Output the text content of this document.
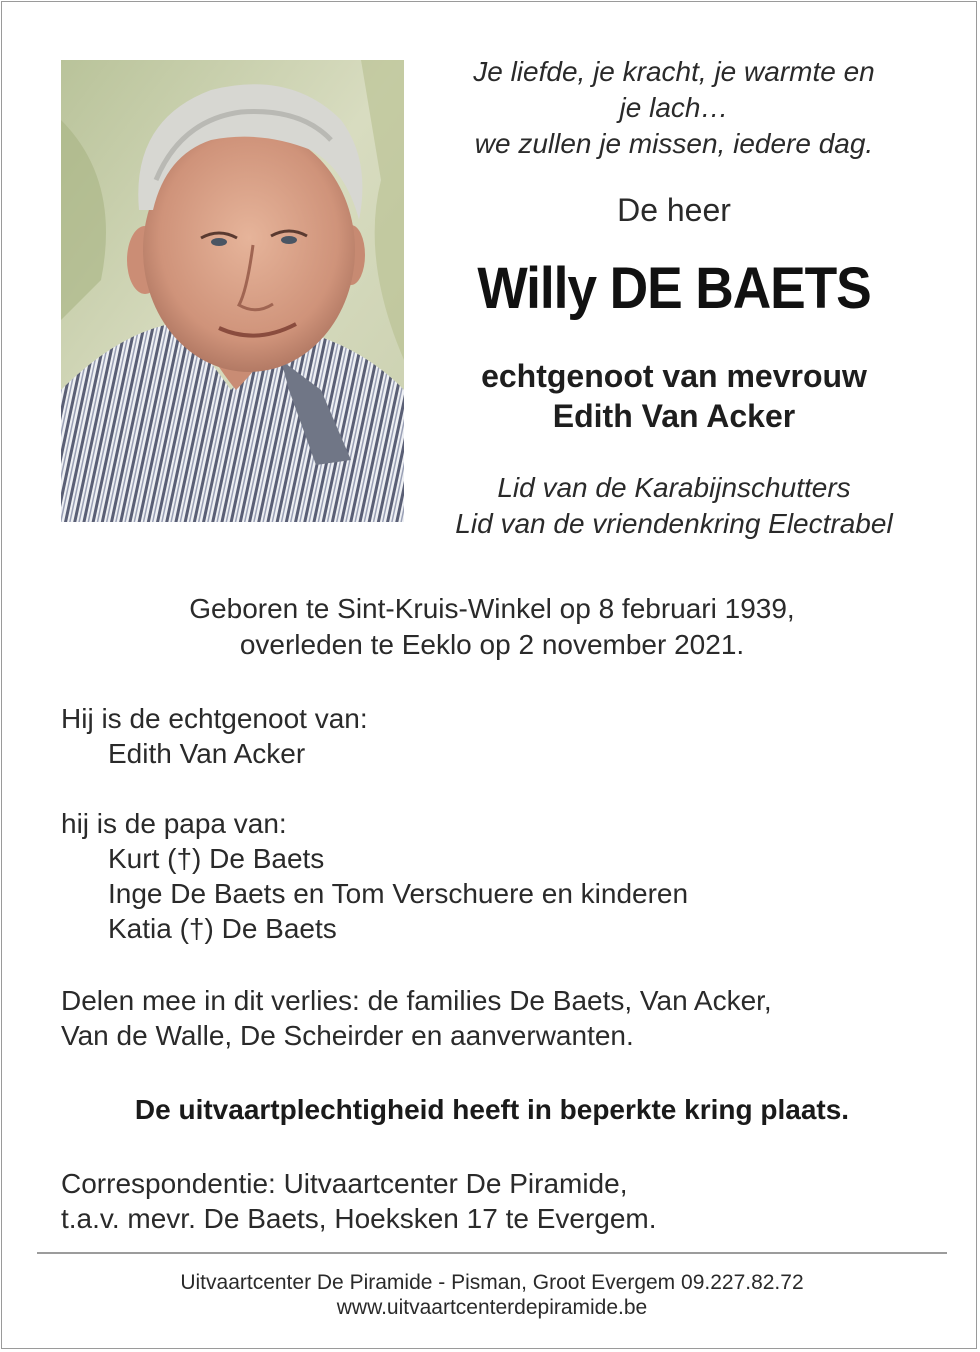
Je liefde, je kracht, je warmte en
je lach…
we zullen je missen, iedere dag.
De heer
Willy DE BAETS
echtgenoot van mevrouw
Edith Van Acker
Lid van de Karabijnschutters
Lid van de vriendenkring Electrabel
Geboren te Sint-Kruis-Winkel op 8 februari 1939,
overleden te Eeklo op 2 november 2021.
Hij is de echtgenoot van:
Edith Van Acker
hij is de papa van:
Kurt (†) De Baets
Inge De Baets en Tom Verschuere en kinderen
Katia (†) De Baets
Delen mee in dit verlies: de families De Baets, Van Acker,
Van de Walle, De Scheirder en aanverwanten.
De uitvaartplechtigheid heeft in beperkte kring plaats.
Correspondentie: Uitvaartcenter De Piramide,
t.a.v. mevr. De Baets, Hoeksken 17 te Evergem.
Uitvaartcenter De Piramide - Pisman, Groot Evergem 09.227.82.72
www.uitvaartcenterdepiramide.be
